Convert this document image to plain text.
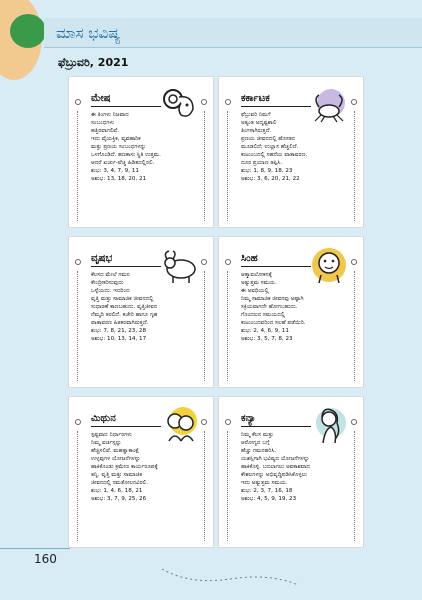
ಮಾಸ ಭವಿಷ್ಯ
ಫೆಬ್ರುವರಿ, 2021
ಮೇಷ
ಈ ತಿಂಗಳು ನಿಜವಾದ
ಸಂಬಂಧಗಳು
ಹತ್ತಿರವಾಗಲಿವೆ.
ಇದು ವೈಯಕ್ತಿಕ, ವ್ಯವಹಾರಿಕ
ಮತ್ತು ಪ್ರಣಯ ಸಂಬಂಧಗಳನ್ನು
ಒಳಗೊಂಡಿದೆ. ಹಣಕಾಸು ಸ್ಥಿತಿ ಉತ್ತಮ.
ಆದರೆ ಖರ್ಚು-ವೆಚ್ಚ ಹಿಡಿತದಲ್ಲಿರಲಿ.
ಶುಭ: 3, 4, 7, 9, 11
ಅಶುಭ: 13, 18, 20, 21
ಕರ್ಕಾಟಕ
ಫೆಬ್ರುವರಿ ನಿಮಗೆ
ಅತ್ಯಂತ ಅದೃಷ್ಟಶಾಲಿ
ತಿಂಗಳಾಗಿರುತ್ತದೆ.
ಪ್ರಣಯ ಜೀವನದಲ್ಲಿ ಹೊಸತನ
ಮೂಡಲಿದೆ; ಉಲ್ಲಾಸ ಹೆಚ್ಚಲಿದೆ.
ಕುಟುಂಬದಲ್ಲಿ ಸಹನೆಯ ವಾತಾವರಣ.
ದೂರ ಪ್ರಯಾಣ ತಪ್ಪಿಸಿ.
ಶುಭ: 1, 8, 9, 18, 23
ಅಶುಭ: 3, 6, 20, 21, 22
ವೃಷಭ
ಕೆಲಸದ ಮೇಲೆ ಗಮನ
ಕೇಂದ್ರೀಕರಿಸುವುದು
ಒಳ್ಳೆಯದು. ಇದರಿಂದ
ವೃತ್ತಿ ಮತ್ತು ಸಾಮಾಜಿಕ ಜೀವನದಲ್ಲಿ
ಸುಧಾರಣೆ ಕಾಣಬಹುದು. ವೃತ್ತಿಜೀವನ
ನೆಮ್ಮದಿ ತರಲಿದೆ. ಕಚೇರಿ ಹಾಗೂ ಗೃಹ
ವಾತಾವರಣ ಹಿತಕರವಾಗಿರುತ್ತದೆ.
ಶುಭ: 7, 8, 21, 23, 28
ಅಶುಭ: 10, 13, 14, 17
ಸಿಂಹ
ಆತ್ಮಾವಲೋಕನಕ್ಕೆ
ಅತ್ಯುತ್ತಮ ಸಮಯ.
ಈ ಅವಧಿಯಲ್ಲಿ
ನಿಮ್ಮ ಸಾಮಾಜಿಕ ಜೀವನವು ಅಷ್ಟಾಗಿ
ಸಕ್ರಿಯವಾಗದೇ ಹೋಗಬಹುದು.
ಗೊಂದಲದ ಸಮಯದಲ್ಲಿ
ಕುಟುಂಬದವರಿಂದ ಸಲಹೆ ಪಡೆಯಿರಿ.
ಶುಭ: 2, 4, 6, 9, 11
ಅಶುಭ: 3, 5, 7, 8, 23
ಮಿಥುನ
ಸ್ಪಷ್ಟವಾದ ನಿರ್ಧಾರಗಳು
ನಿಮ್ಮ ವರ್ಚಸ್ಸನ್ನು
ಹೆಚ್ಚಿಸಲಿವೆ. ಮಹತ್ವಾಕಾಂಕ್ಷೆ
ಉಳ್ಳವುಗಳ ಯೋಜನೆಗಳನ್ನು
ಹಾಕಿಕೊಂಡು ಕ್ರಮೇಣ ಕಾರ್ಯರೂಪಕ್ಕೆ
ತನ್ನಿ. ವೃತ್ತಿ ಮತ್ತು ಸಾಮಾಜಿಕ
ಜೀವನದಲ್ಲಿ ಸಮತೋಲನವಿರಲಿ.
ಶುಭ: 1, 4, 6, 18, 21
ಅಶುಭ: 3, 7, 9, 25, 26
ಕನ್ಯಾ
ನಿಮ್ಮ ಕೆಲಸ ಮತ್ತು
ಆರೋಗ್ಯದ ಬಗ್ಗೆ
ಹೆಚ್ಚು ಗಮನಹರಿಸಿ.
ಯಶಸ್ಸಿಗಾಗಿ ಭವಿಷ್ಯದ ಯೋಜನೆಗಳನ್ನು
ಹಾಕಿಕೊಳ್ಳಿ. ಬದಲಾಗಲು ಅವಕಾಶವಾದ
ಕೌಶಲಗಳನ್ನು ಅಭಿವೃದ್ಧಿಪಡಿಸಿಕೊಳ್ಳಲು
ಇದು ಅತ್ಯುತ್ತಮ ಸಮಯ.
ಶುಭ: 2, 3, 7, 16, 18
ಅಶುಭ: 4, 5, 9, 19, 23
160
